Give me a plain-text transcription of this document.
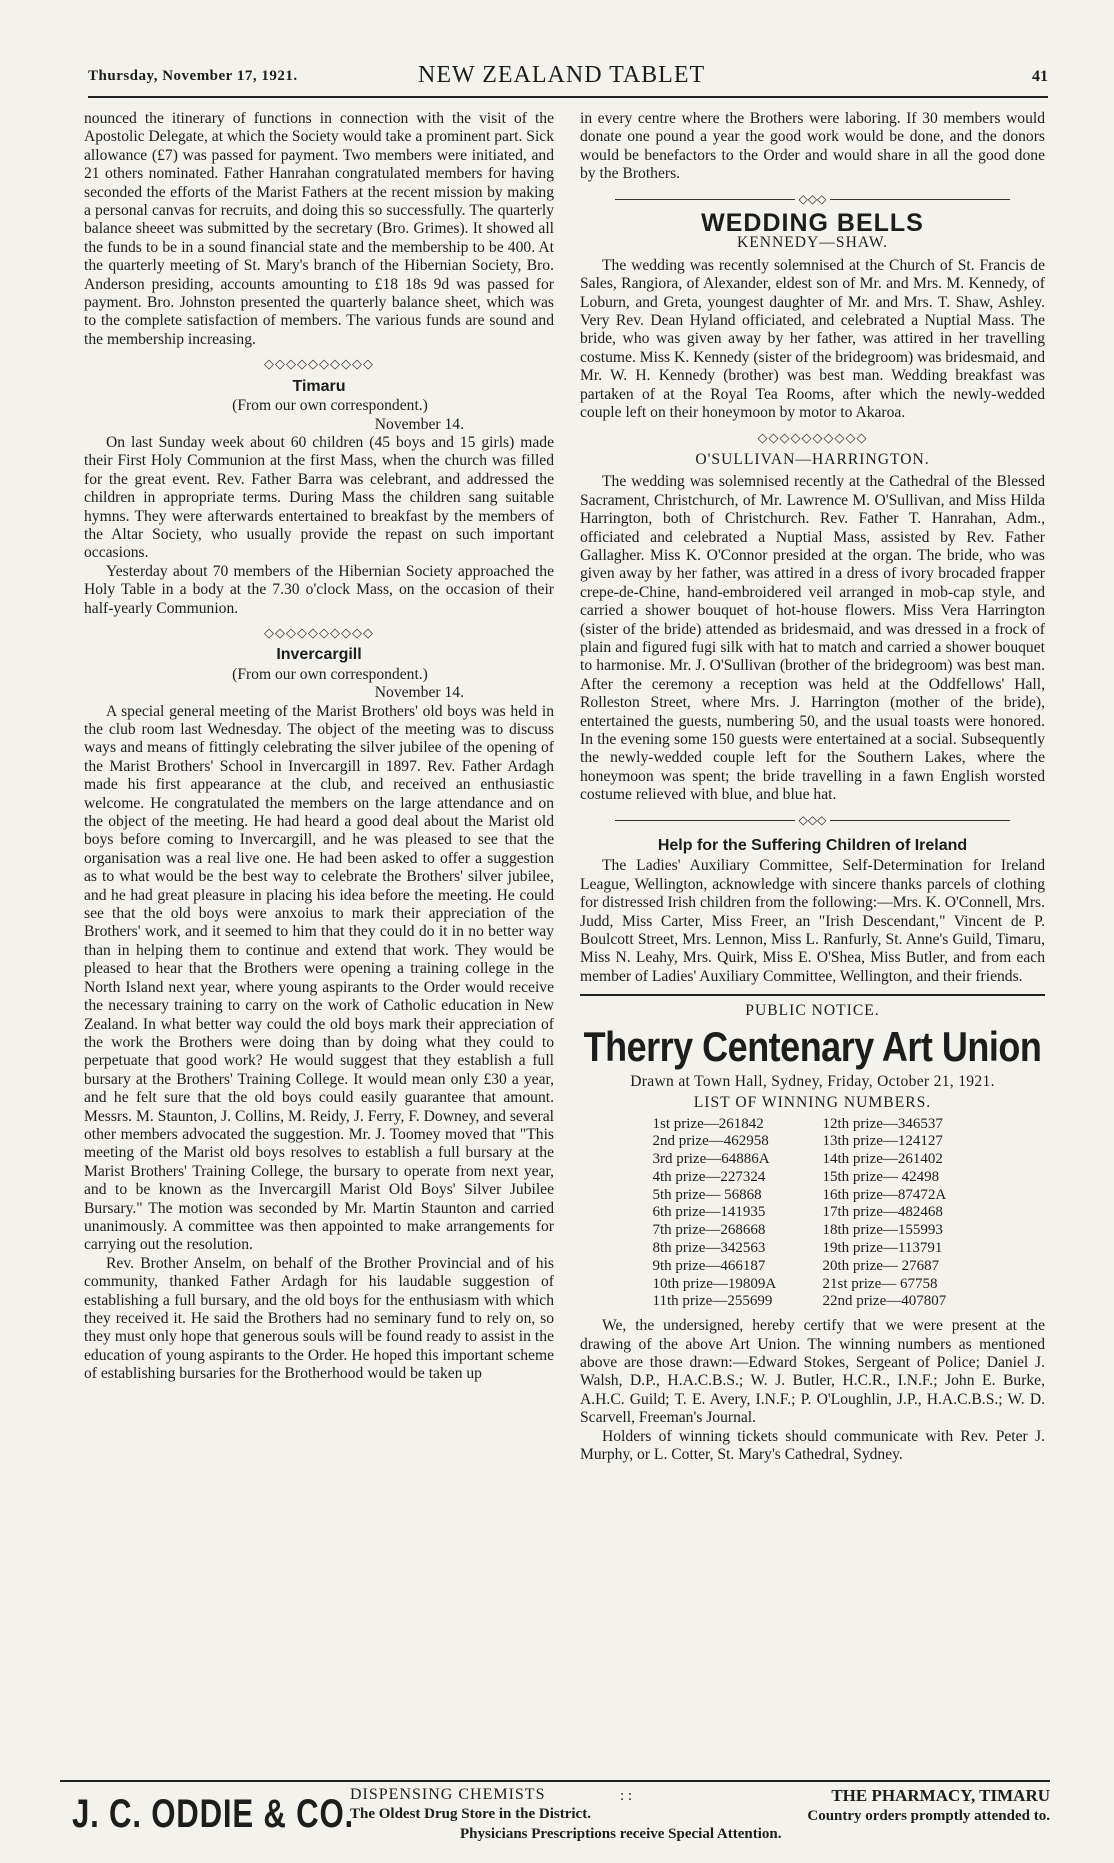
Thursday, November 17, 1921.	NEW ZEALAND TABLET	41

nounced the itinerary of functions in connection with the visit of the Apostolic Delegate, at which the Society would take a prominent part. Sick allowance (£7) was passed for payment. Two members were initiated, and 21 others nominated. Father Hanrahan congratulated members for having seconded the efforts of the Marist Fathers at the recent mission by making a personal canvas for recruits, and doing this so successfully. The quarterly balance sheeet was submitted by the secretary (Bro. Grimes). It showed all the funds to be in a sound financial state and the membership to be 400. At the quarterly meeting of St. Mary's branch of the Hibernian Society, Bro. Anderson presiding, accounts amounting to £18 18s 9d was passed for payment. Bro. Johnston presented the quarterly balance sheet, which was to the complete satisfaction of members. The various funds are sound and the membership increasing.

◇◇◇◇◇◇◇◇◇◇
Timaru

(From our own correspondent.)

November 14.

On last Sunday week about 60 children (45 boys and 15 girls) made their First Holy Communion at the first Mass, when the church was filled for the great event. Rev. Father Barra was celebrant, and addressed the children in appropriate terms. During Mass the children sang suitable hymns. They were afterwards entertained to breakfast by the members of the Altar Society, who usually provide the repast on such important occasions.

Yesterday about 70 members of the Hibernian Society approached the Holy Table in a body at the 7.30 o'clock Mass, on the occasion of their half-yearly Communion.

◇◇◇◇◇◇◇◇◇◇
Invercargill

(From our own correspondent.)

November 14.

A special general meeting of the Marist Brothers' old boys was held in the club room last Wednesday. The object of the meeting was to discuss ways and means of fittingly celebrating the silver jubilee of the opening of the Marist Brothers' School in Invercargill in 1897. Rev. Father Ardagh made his first appearance at the club, and received an enthusiastic welcome. He congratulated the members on the large attendance and on the object of the meeting. He had heard a good deal about the Marist old boys before coming to Invercargill, and he was pleased to see that the organisation was a real live one. He had been asked to offer a suggestion as to what would be the best way to celebrate the Brothers' silver jubilee, and he had great pleasure in placing his idea before the meeting. He could see that the old boys were anxoius to mark their appreciation of the Brothers' work, and it seemed to him that they could do it in no better way than in helping them to continue and extend that work. They would be pleased to hear that the Brothers were opening a training college in the North Island next year, where young aspirants to the Order would receive the necessary training to carry on the work of Catholic education in New Zealand. In what better way could the old boys mark their appreciation of the work the Brothers were doing than by doing what they could to perpetuate that good work? He would suggest that they establish a full bursary at the Brothers' Training College. It would mean only £30 a year, and he felt sure that the old boys could easily guarantee that amount. Messrs. M. Staunton, J. Collins, M. Reidy, J. Ferry, F. Downey, and several other members advocated the suggestion. Mr. J. Toomey moved that "This meeting of the Marist old boys resolves to establish a full bursary at the Marist Brothers' Training College, the bursary to operate from next year, and to be known as the Invercargill Marist Old Boys' Silver Jubilee Bursary." The motion was seconded by Mr. Martin Staunton and carried unanimously. A committee was then appointed to make arrangements for carrying out the resolution.

Rev. Brother Anselm, on behalf of the Brother Provincial and of his community, thanked Father Ardagh for his laudable suggestion of establishing a full bursary, and the old boys for the enthusiasm with which they received it. He said the Brothers had no seminary fund to rely on, so they must only hope that generous souls will be found ready to assist in the education of young aspirants to the Order. He hoped this important scheme of establishing bursaries for the Brotherhood would be taken up

in every centre where the Brothers were laboring. If 30 members would donate one pound a year the good work would be done, and the donors would be benefactors to the Order and would share in all the good done by the Brothers.

◇◇◇
WEDDING BELLS
KENNEDY—SHAW.

The wedding was recently solemnised at the Church of St. Francis de Sales, Rangiora, of Alexander, eldest son of Mr. and Mrs. M. Kennedy, of Loburn, and Greta, youngest daughter of Mr. and Mrs. T. Shaw, Ashley. Very Rev. Dean Hyland officiated, and celebrated a Nuptial Mass. The bride, who was given away by her father, was attired in her travelling costume. Miss K. Kennedy (sister of the bridegroom) was bridesmaid, and Mr. W. H. Kennedy (brother) was best man. Wedding breakfast was partaken of at the Royal Tea Rooms, after which the newly-wedded couple left on their honeymoon by motor to Akaroa.

◇◇◇◇◇◇◇◇◇◇
O'SULLIVAN—HARRINGTON.

The wedding was solemnised recently at the Cathedral of the Blessed Sacrament, Christchurch, of Mr. Lawrence M. O'Sullivan, and Miss Hilda Harrington, both of Christchurch. Rev. Father T. Hanrahan, Adm., officiated and celebrated a Nuptial Mass, assisted by Rev. Father Gallagher. Miss K. O'Connor presided at the organ. The bride, who was given away by her father, was attired in a dress of ivory brocaded frapper crepe-de-Chine, hand-embroidered veil arranged in mob-cap style, and carried a shower bouquet of hot-house flowers. Miss Vera Harrington (sister of the bride) attended as bridesmaid, and was dressed in a frock of plain and figured fugi silk with hat to match and carried a shower bouquet to harmonise. Mr. J. O'Sullivan (brother of the bridegroom) was best man. After the ceremony a reception was held at the Oddfellows' Hall, Rolleston Street, where Mrs. J. Harrington (mother of the bride), entertained the guests, numbering 50, and the usual toasts were honored. In the evening some 150 guests were entertained at a social. Subsequently the newly-wedded couple left for the Southern Lakes, where the honeymoon was spent; the bride travelling in a fawn English worsted costume relieved with blue, and blue hat.

◇◇◇
Help for the Suffering Children of Ireland

The Ladies' Auxiliary Committee, Self-Determination for Ireland League, Wellington, acknowledge with sincere thanks parcels of clothing for distressed Irish children from the following:—Mrs. K. O'Connell, Mrs. Judd, Miss Carter, Miss Freer, an "Irish Descendant," Vincent de P. Boulcott Street, Mrs. Lennon, Miss L. Ranfurly, St. Anne's Guild, Timaru, Miss N. Leahy, Mrs. Quirk, Miss E. O'Shea, Miss Butler, and from each member of Ladies' Auxiliary Committee, Wellington, and their friends.

PUBLIC NOTICE.
Therry Centenary Art Union
Drawn at Town Hall, Sydney, Friday, October 21, 1921.
LIST OF WINNING NUMBERS.
1st prize—261842	12th prize—346537
2nd prize—462958	13th prize—124127
3rd prize—64886A	14th prize—261402
4th prize—227324	15th prize— 42498
5th prize— 56868	16th prize—87472A
6th prize—141935	17th prize—482468
7th prize—268668	18th prize—155993
8th prize—342563	19th prize—113791
9th prize—466187	20th prize— 27687
10th prize—19809A	21st prize— 67758
11th prize—255699	22nd prize—407807

We, the undersigned, hereby certify that we were present at the drawing of the above Art Union. The winning numbers as mentioned above are those drawn:—Edward Stokes, Sergeant of Police; Daniel J. Walsh, D.P., H.A.C.B.S.; W. J. Butler, H.C.R., I.N.F.; John E. Burke, A.H.C. Guild; T. E. Avery, I.N.F.; P. O'Loughlin, J.P., H.A.C.B.S.; W. D. Scarvell, Freeman's Journal.

Holders of winning tickets should communicate with Rev. Peter J. Murphy, or L. Cotter, St. Mary's Cathedral, Sydney.

J. C. ODDIE & CO.
DISPENSING CHEMISTS	: :
The Oldest Drug Store in the District.
Physicians Prescriptions receive Special Attention.
THE PHARMACY, TIMARU
Country orders promptly attended to.
